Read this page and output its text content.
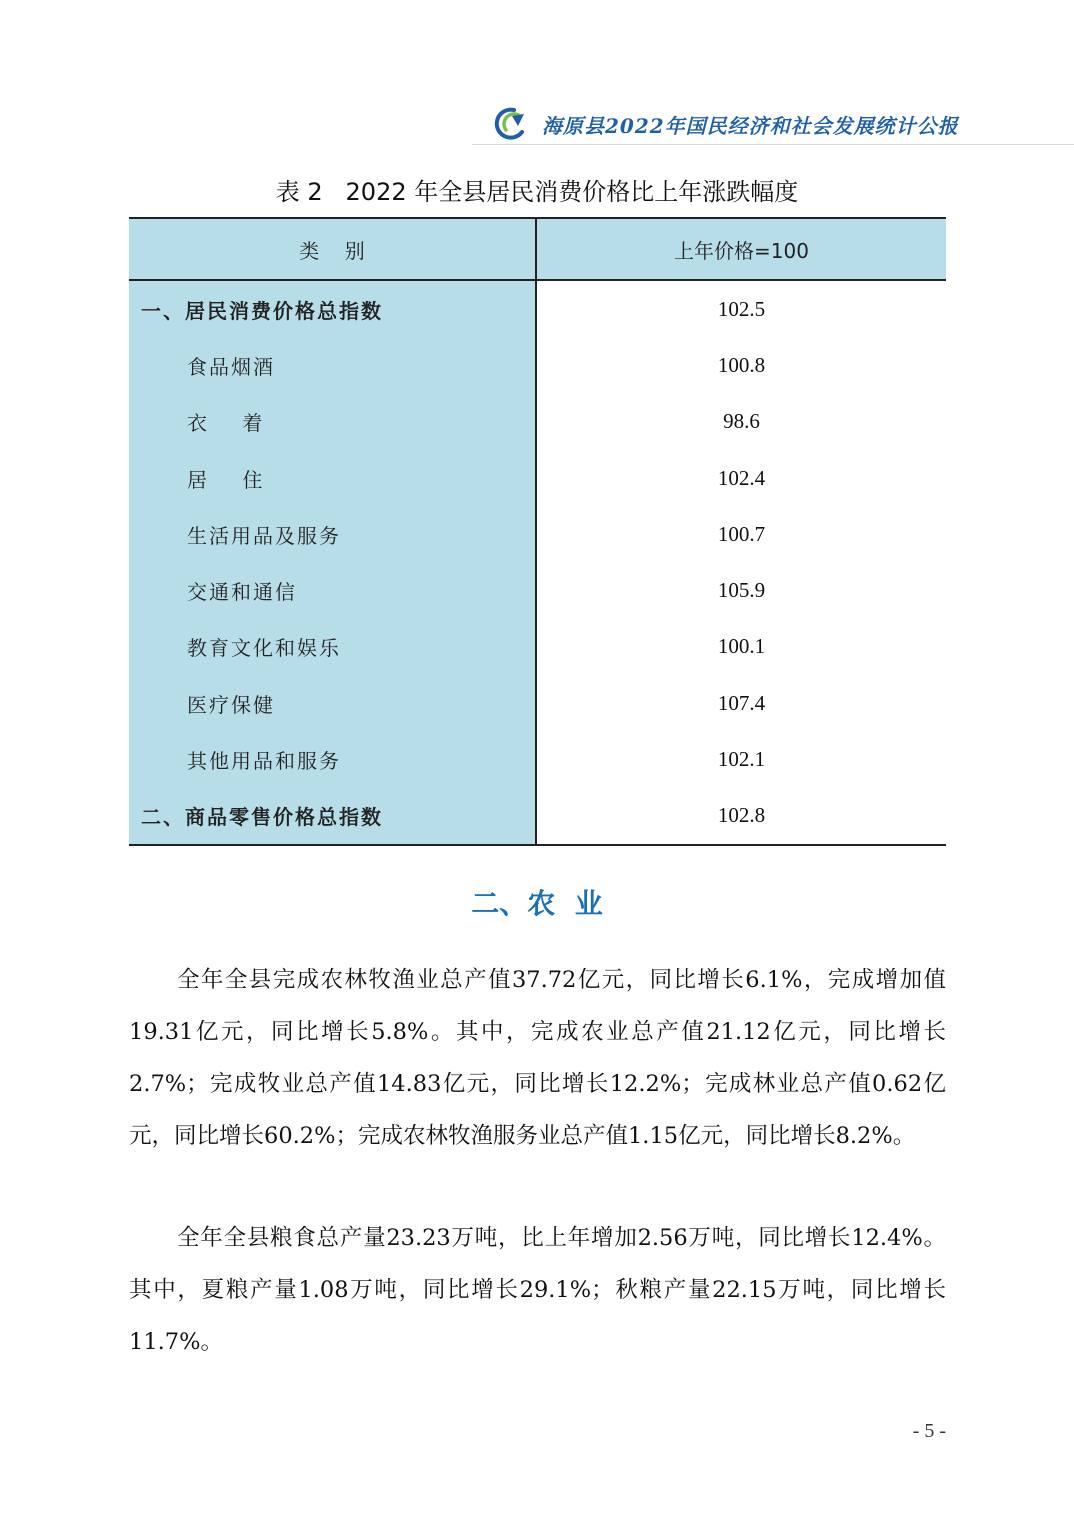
海原县2022年国民经济和社会发展统计公报
表 2   2022 年全县居民消费价格比上年涨跌幅度
类    别	上年价格=100
一、居民消费价格总指数	102.5
食品烟酒	100.8
衣    着	98.6
居    住	102.4
生活用品及服务	100.7
交通和通信	105.9
教育文化和娱乐	100.1
医疗保健	107.4
其他用品和服务	102.1
二、商品零售价格总指数	102.8
二、农  业

全年全县完成农林牧渔业总产值37.72亿元，同比增长6.1%，完成增加值19.31亿元，同比增长5.8%。其中，完成农业总产值21.12亿元，同比增长2.7%；完成牧业总产值14.83亿元，同比增长12.2%；完成林业总产值0.62亿元，同比增长60.2%；完成农林牧渔服务业总产值1.15亿元，同比增长8.2%。

全年全县粮食总产量23.23万吨，比上年增加2.56万吨，同比增长12.4%。其中，夏粮产量1.08万吨，同比增长29.1%；秋粮产量22.15万吨，同比增长11.7%。

- 5 -
